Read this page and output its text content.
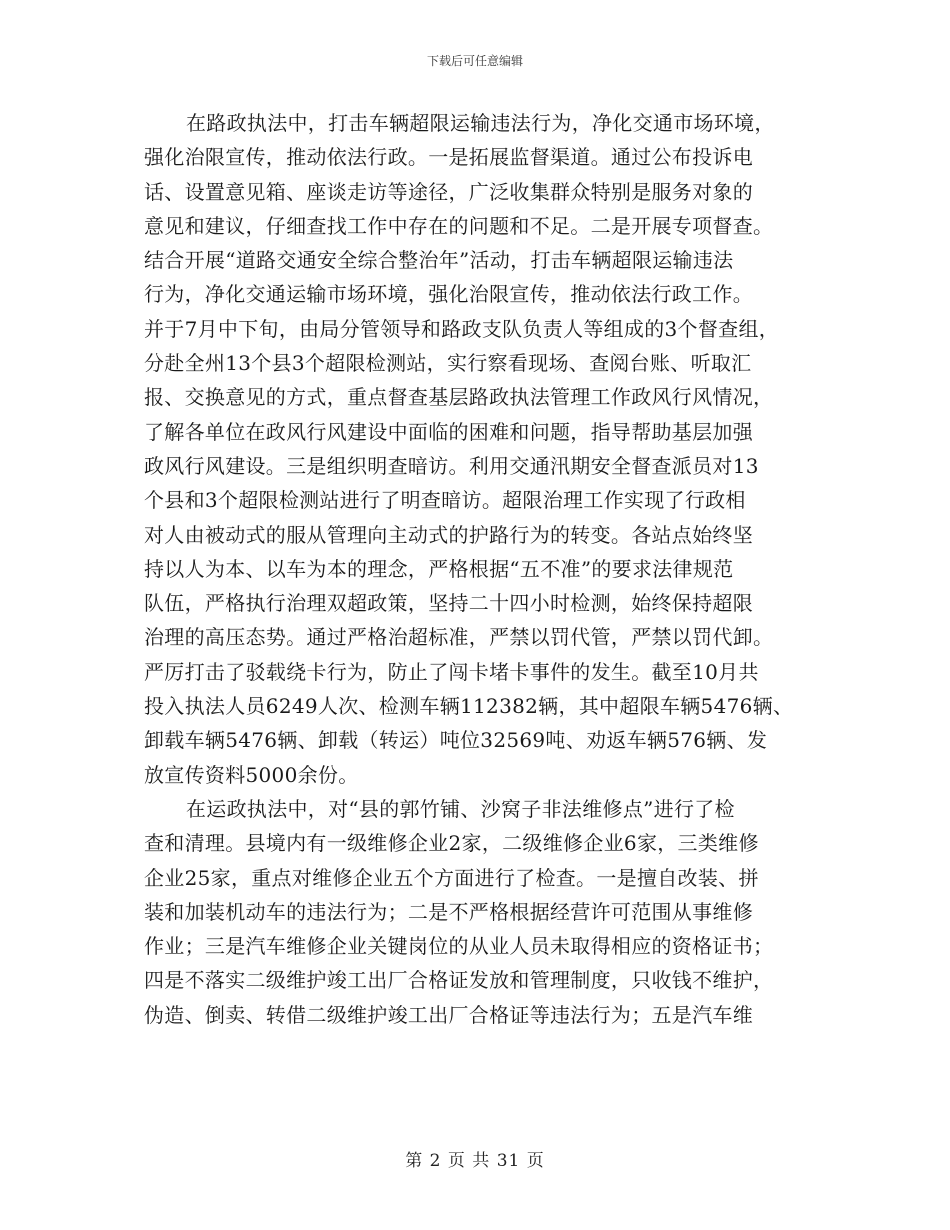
下载后可任意编辑
在路政执法中，打击车辆超限运输违法行为，净化交通市场环境，
强化治限宣传，推动依法行政。一是拓展监督渠道。通过公布投诉电
话、设置意见箱、座谈走访等途径，广泛收集群众特别是服务对象的
意见和建议，仔细查找工作中存在的问题和不足。二是开展专项督查。
结合开展“道路交通安全综合整治年”活动，打击车辆超限运输违法
行为，净化交通运输市场环境，强化治限宣传，推动依法行政工作。
并于7月中下旬，由局分管领导和路政支队负责人等组成的3个督查组，
分赴全州13个县3个超限检测站，实行察看现场、查阅台账、听取汇
报、交换意见的方式，重点督查基层路政执法管理工作政风行风情况，
了解各单位在政风行风建设中面临的困难和问题，指导帮助基层加强
政风行风建设。三是组织明查暗访。利用交通汛期安全督查派员对13
个县和3个超限检测站进行了明查暗访。超限治理工作实现了行政相
对人由被动式的服从管理向主动式的护路行为的转变。各站点始终坚
持以人为本、以车为本的理念，严格根据“五不准”的要求法律规范
队伍，严格执行治理双超政策，坚持二十四小时检测，始终保持超限
治理的高压态势。通过严格治超标准，严禁以罚代管，严禁以罚代卸。
严厉打击了驳载绕卡行为，防止了闯卡堵卡事件的发生。截至10月共
投入执法人员6249人次、检测车辆112382辆，其中超限车辆5476辆、
卸载车辆5476辆、卸载（转运）吨位32569吨、劝返车辆576辆、发
放宣传资料5000余份。
在运政执法中，对“县的郭竹铺、沙窝子非法维修点”进行了检
查和清理。县境内有一级维修企业2家，二级维修企业6家，三类维修
企业25家，重点对维修企业五个方面进行了检查。一是擅自改装、拼
装和加装机动车的违法行为；二是不严格根据经营许可范围从事维修
作业；三是汽车维修企业关键岗位的从业人员未取得相应的资格证书；
四是不落实二级维护竣工出厂合格证发放和管理制度，只收钱不维护，
伪造、倒卖、转借二级维护竣工出厂合格证等违法行为；五是汽车维
第 2 页 共 31 页
